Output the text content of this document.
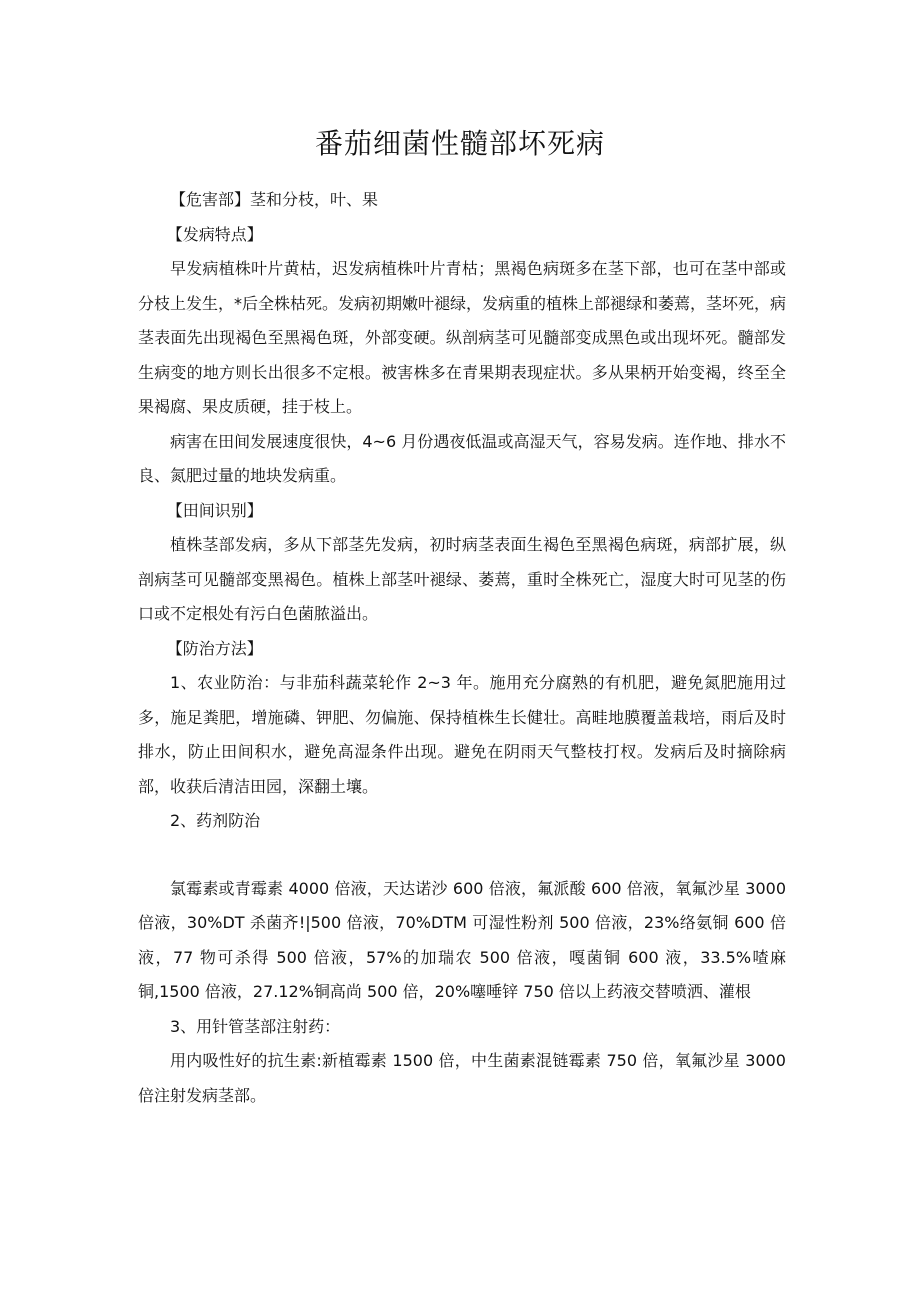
番茄细菌性髓部坏死病

【危害部】茎和分枝，叶、果

【发病特点】

早发病植株叶片黄枯，迟发病植株叶片青枯；黑褐色病斑多在茎下部，也可在茎中部或分枝上发生，*后全株枯死。发病初期嫩叶褪绿，发病重的植株上部褪绿和萎蔫，茎坏死，病茎表面先出现褐色至黑褐色斑，外部变硬。纵剖病茎可见髓部变成黑色或出现坏死。髓部发生病变的地方则长出很多不定根。被害株多在青果期表现症状。多从果柄开始变褐，终至全果褐腐、果皮质硬，挂于枝上。

病害在田间发展速度很快，4~6 月份遇夜低温或高湿天气，容易发病。连作地、排水不良、氮肥过量的地块发病重。

【田间识别】

植株茎部发病，多从下部茎先发病，初时病茎表面生褐色至黑褐色病斑，病部扩展，纵剖病茎可见髓部变黑褐色。植株上部茎叶褪绿、萎蔫，重时全株死亡，湿度大时可见茎的伤口或不定根处有污白色菌脓溢出。

【防治方法】

1、农业防治：与非茄科蔬菜轮作 2~3 年。施用充分腐熟的有机肥，避免氮肥施用过多，施足粪肥，增施磷、钾肥、勿偏施、保持植株生长健壮。高畦地膜覆盖栽培，雨后及时排水，防止田间积水，避免高湿条件出现。避免在阴雨天气整枝打杈。发病后及时摘除病部，收获后清洁田园，深翻土壤。

2、药剂防治

氯霉素或青霉素 4000 倍液，天达诺沙 600 倍液，氟派酸 600 倍液，氧氟沙星 3000 倍液，30%DT 杀菌齐!|500 倍液，70%DTM 可湿性粉剂 500 倍液，23%络氨铜 600 倍液，77 物可杀得 500 倍液，57%的加瑞农 500 倍液，嘎菌铜 600 液，33.5%喳麻铜,1500 倍液，27.12%铜高尚 500 倍，20%噻唾锌 750 倍以上药液交替喷洒、灌根

3、用针管茎部注射药：

用内吸性好的抗生素:新植霉素 1500 倍，中生菌素混链霉素 750 倍，氧氟沙星 3000 倍注射发病茎部。
